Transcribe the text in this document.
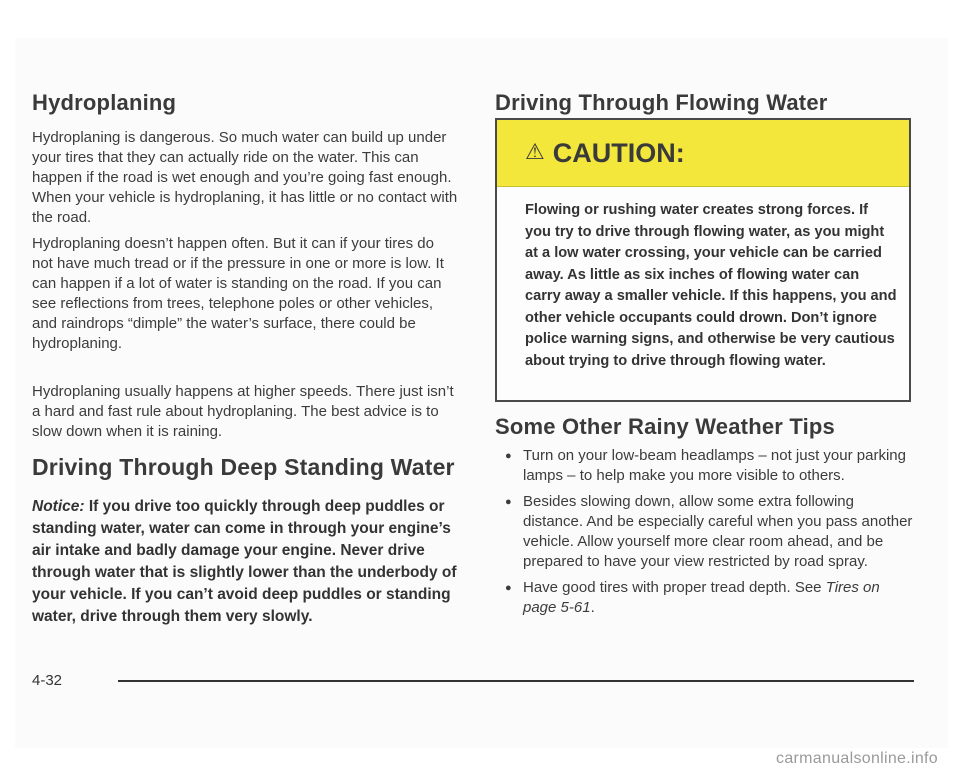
Hydroplaning

Hydroplaning is dangerous. So much water can build up under your tires that they can actually ride on the water. This can happen if the road is wet enough and you’re going fast enough. When your vehicle is hydroplaning, it has little or no contact with the road.

Hydroplaning doesn’t happen often. But it can if your tires do not have much tread or if the pressure in one or more is low. It can happen if a lot of water is standing on the road. If you can see reflections from trees, telephone poles or other vehicles, and raindrops “dimple” the water’s surface, there could be hydroplaning.

Hydroplaning usually happens at higher speeds. There just isn’t a hard and fast rule about hydroplaning. The best advice is to slow down when it is raining.

Driving Through Deep Standing Water

Notice: If you drive too quickly through deep puddles or standing water, water can come in through your engine’s air intake and badly damage your engine. Never drive through water that is slightly lower than the underbody of your vehicle. If you can’t avoid deep puddles or standing water, drive through them very slowly.

Driving Through Flowing Water
⚠ CAUTION:
Flowing or rushing water creates strong forces. If you try to drive through flowing water, as you might at a low water crossing, your vehicle can be carried away. As little as six inches of flowing water can carry away a smaller vehicle. If this happens, you and other vehicle occupants could drown. Don’t ignore police warning signs, and otherwise be very cautious about trying to drive through flowing water.
Some Other Rainy Weather Tips
● Turn on your low-beam headlamps – not just your parking lamps – to help make you more visible to others.
● Besides slowing down, allow some extra following distance. And be especially careful when you pass another vehicle. Allow yourself more clear room ahead, and be prepared to have your view restricted by road spray.
● Have good tires with proper tread depth. See Tires on page 5-61.
4-32
carmanualsonline.info
